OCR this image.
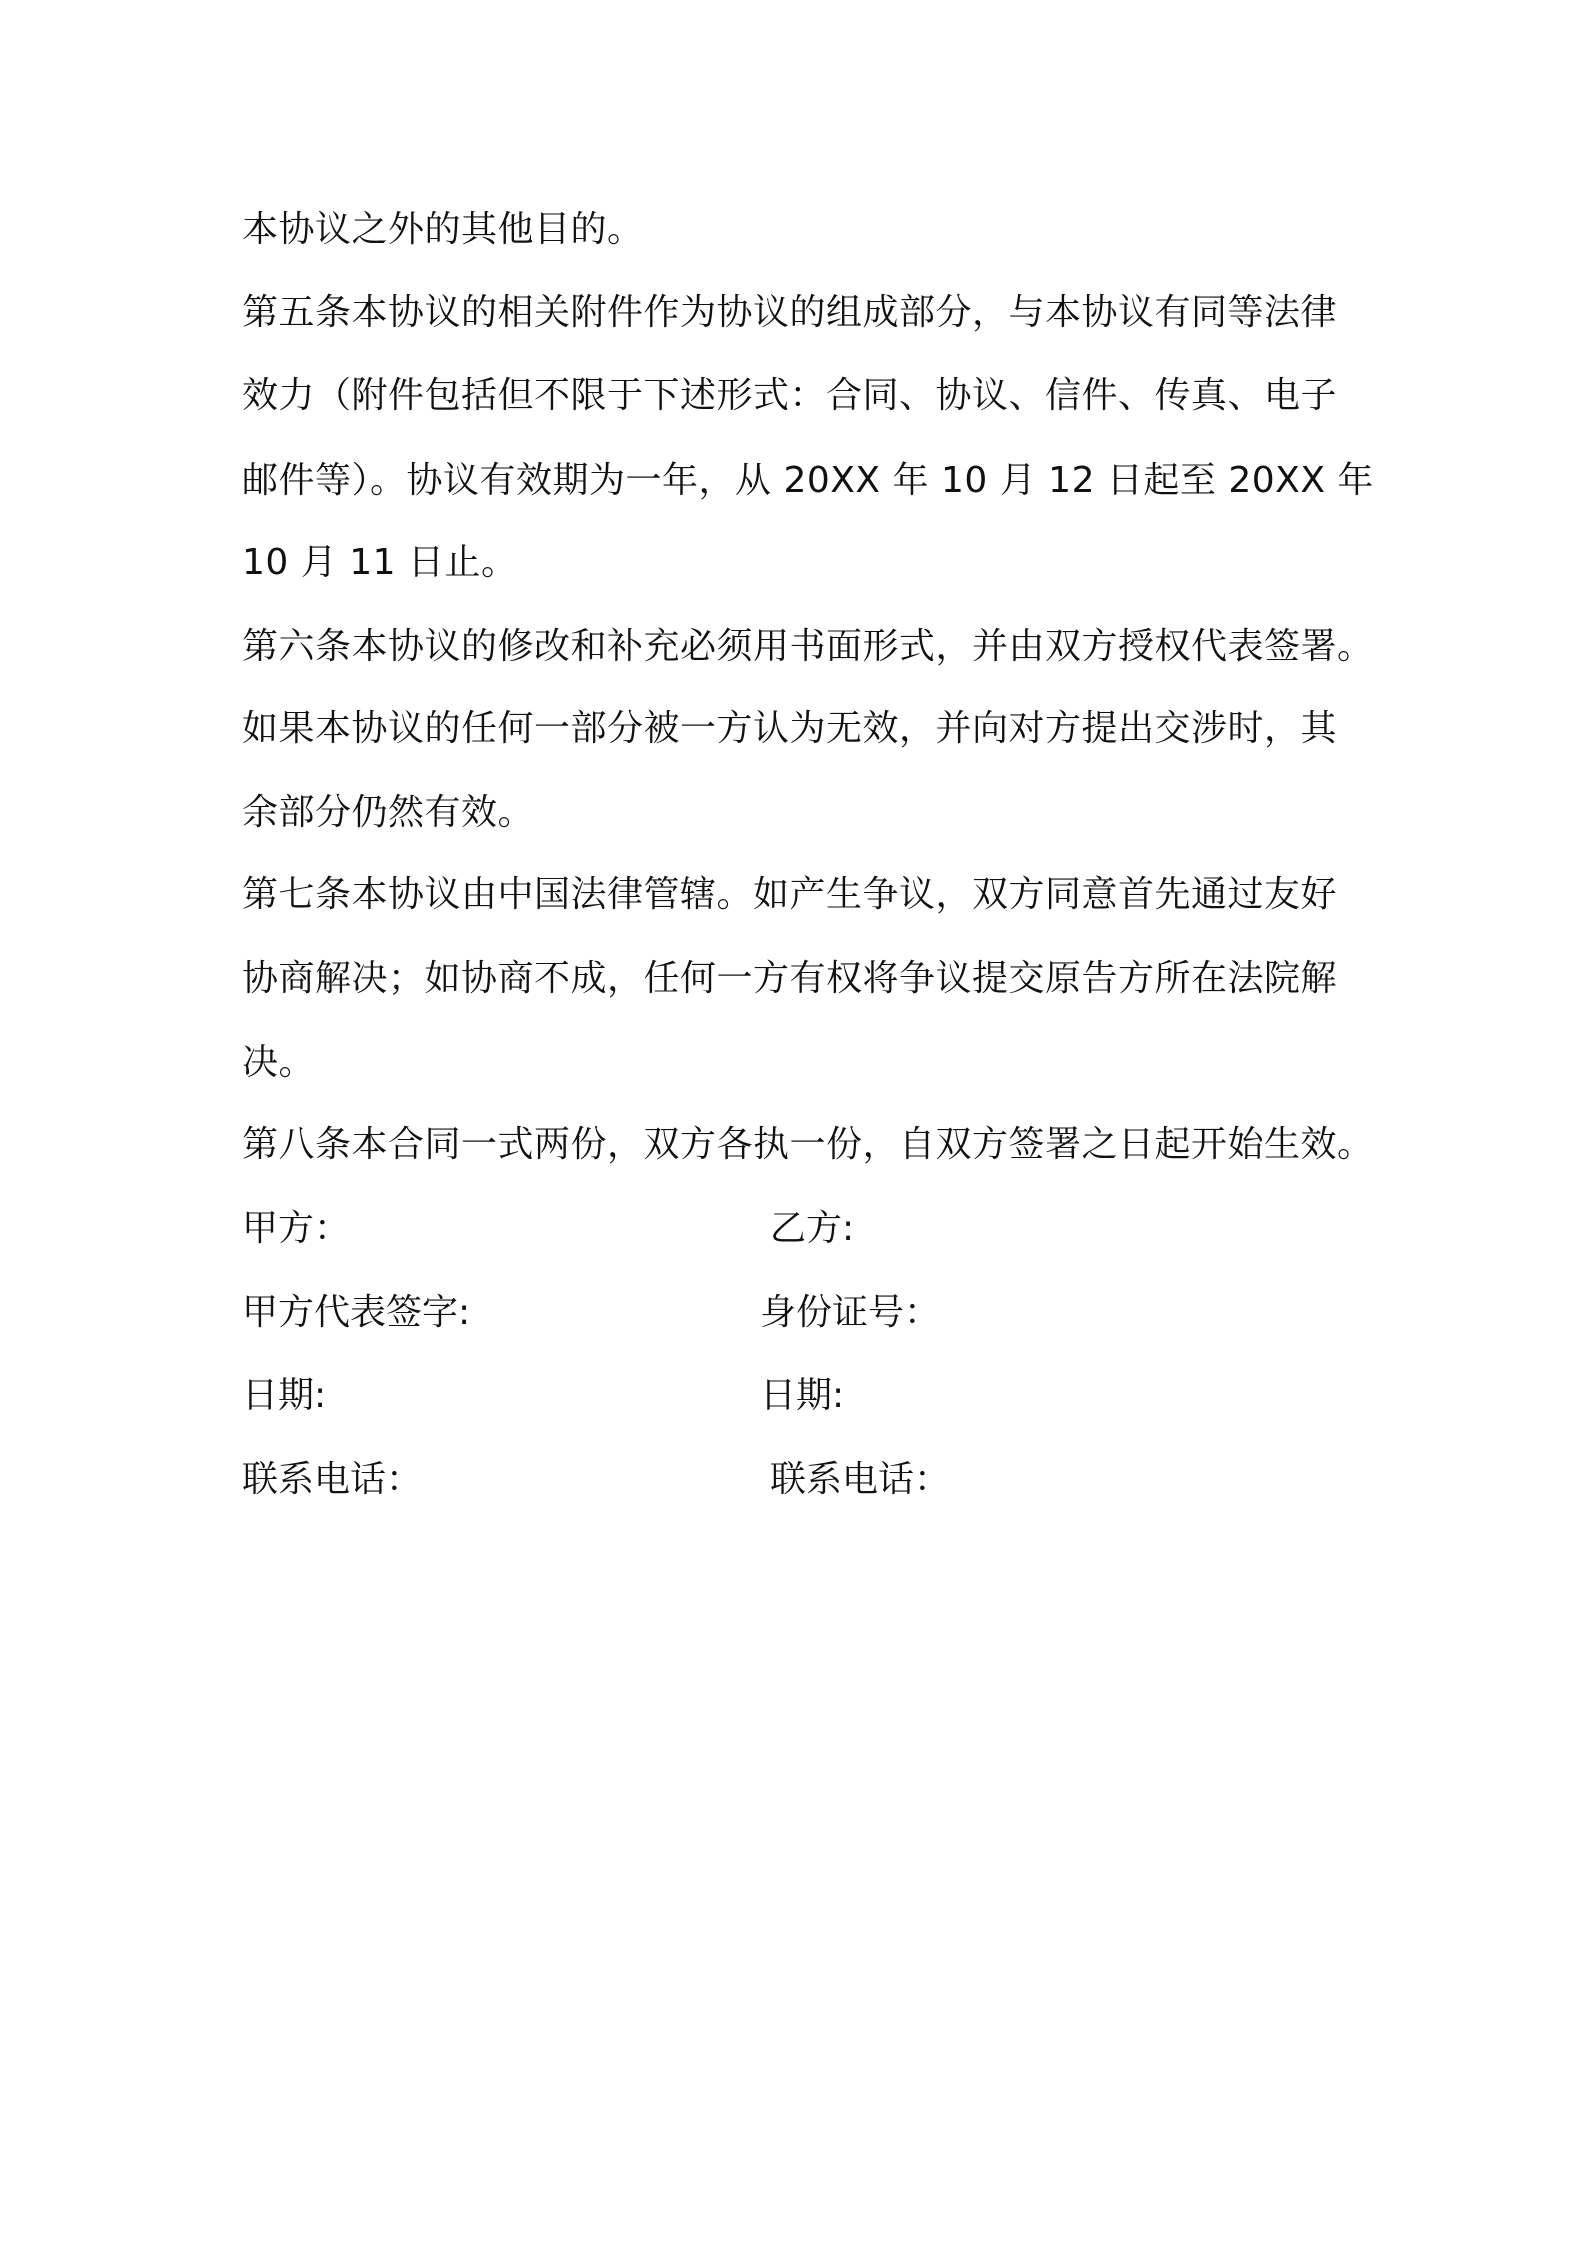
本协议之外的其他目的。

第五条本协议的相关附件作为协议的组成部分，与本协议有同等法律

效力（附件包括但不限于下述形式：合同、协议、信件、传真、电子

邮件等）。协议有效期为一年，从 20XX 年 10 月 12 日起至 20XX 年

10 月 11 日止。

第六条本协议的修改和补充必须用书面形式，并由双方授权代表签署。

如果本协议的任何一部分被一方认为无效，并向对方提出交涉时，其

余部分仍然有效。

第七条本协议由中国法律管辖。如产生争议，双方同意首先通过友好

协商解决；如协商不成，任何一方有权将争议提交原告方所在法院解

决。

第八条本合同一式两份，双方各执一份，自双方签署之日起开始生效。

甲方：	乙方:
甲方代表签字:	身份证号：
日期:	日期:
联系电话：	联系电话：
